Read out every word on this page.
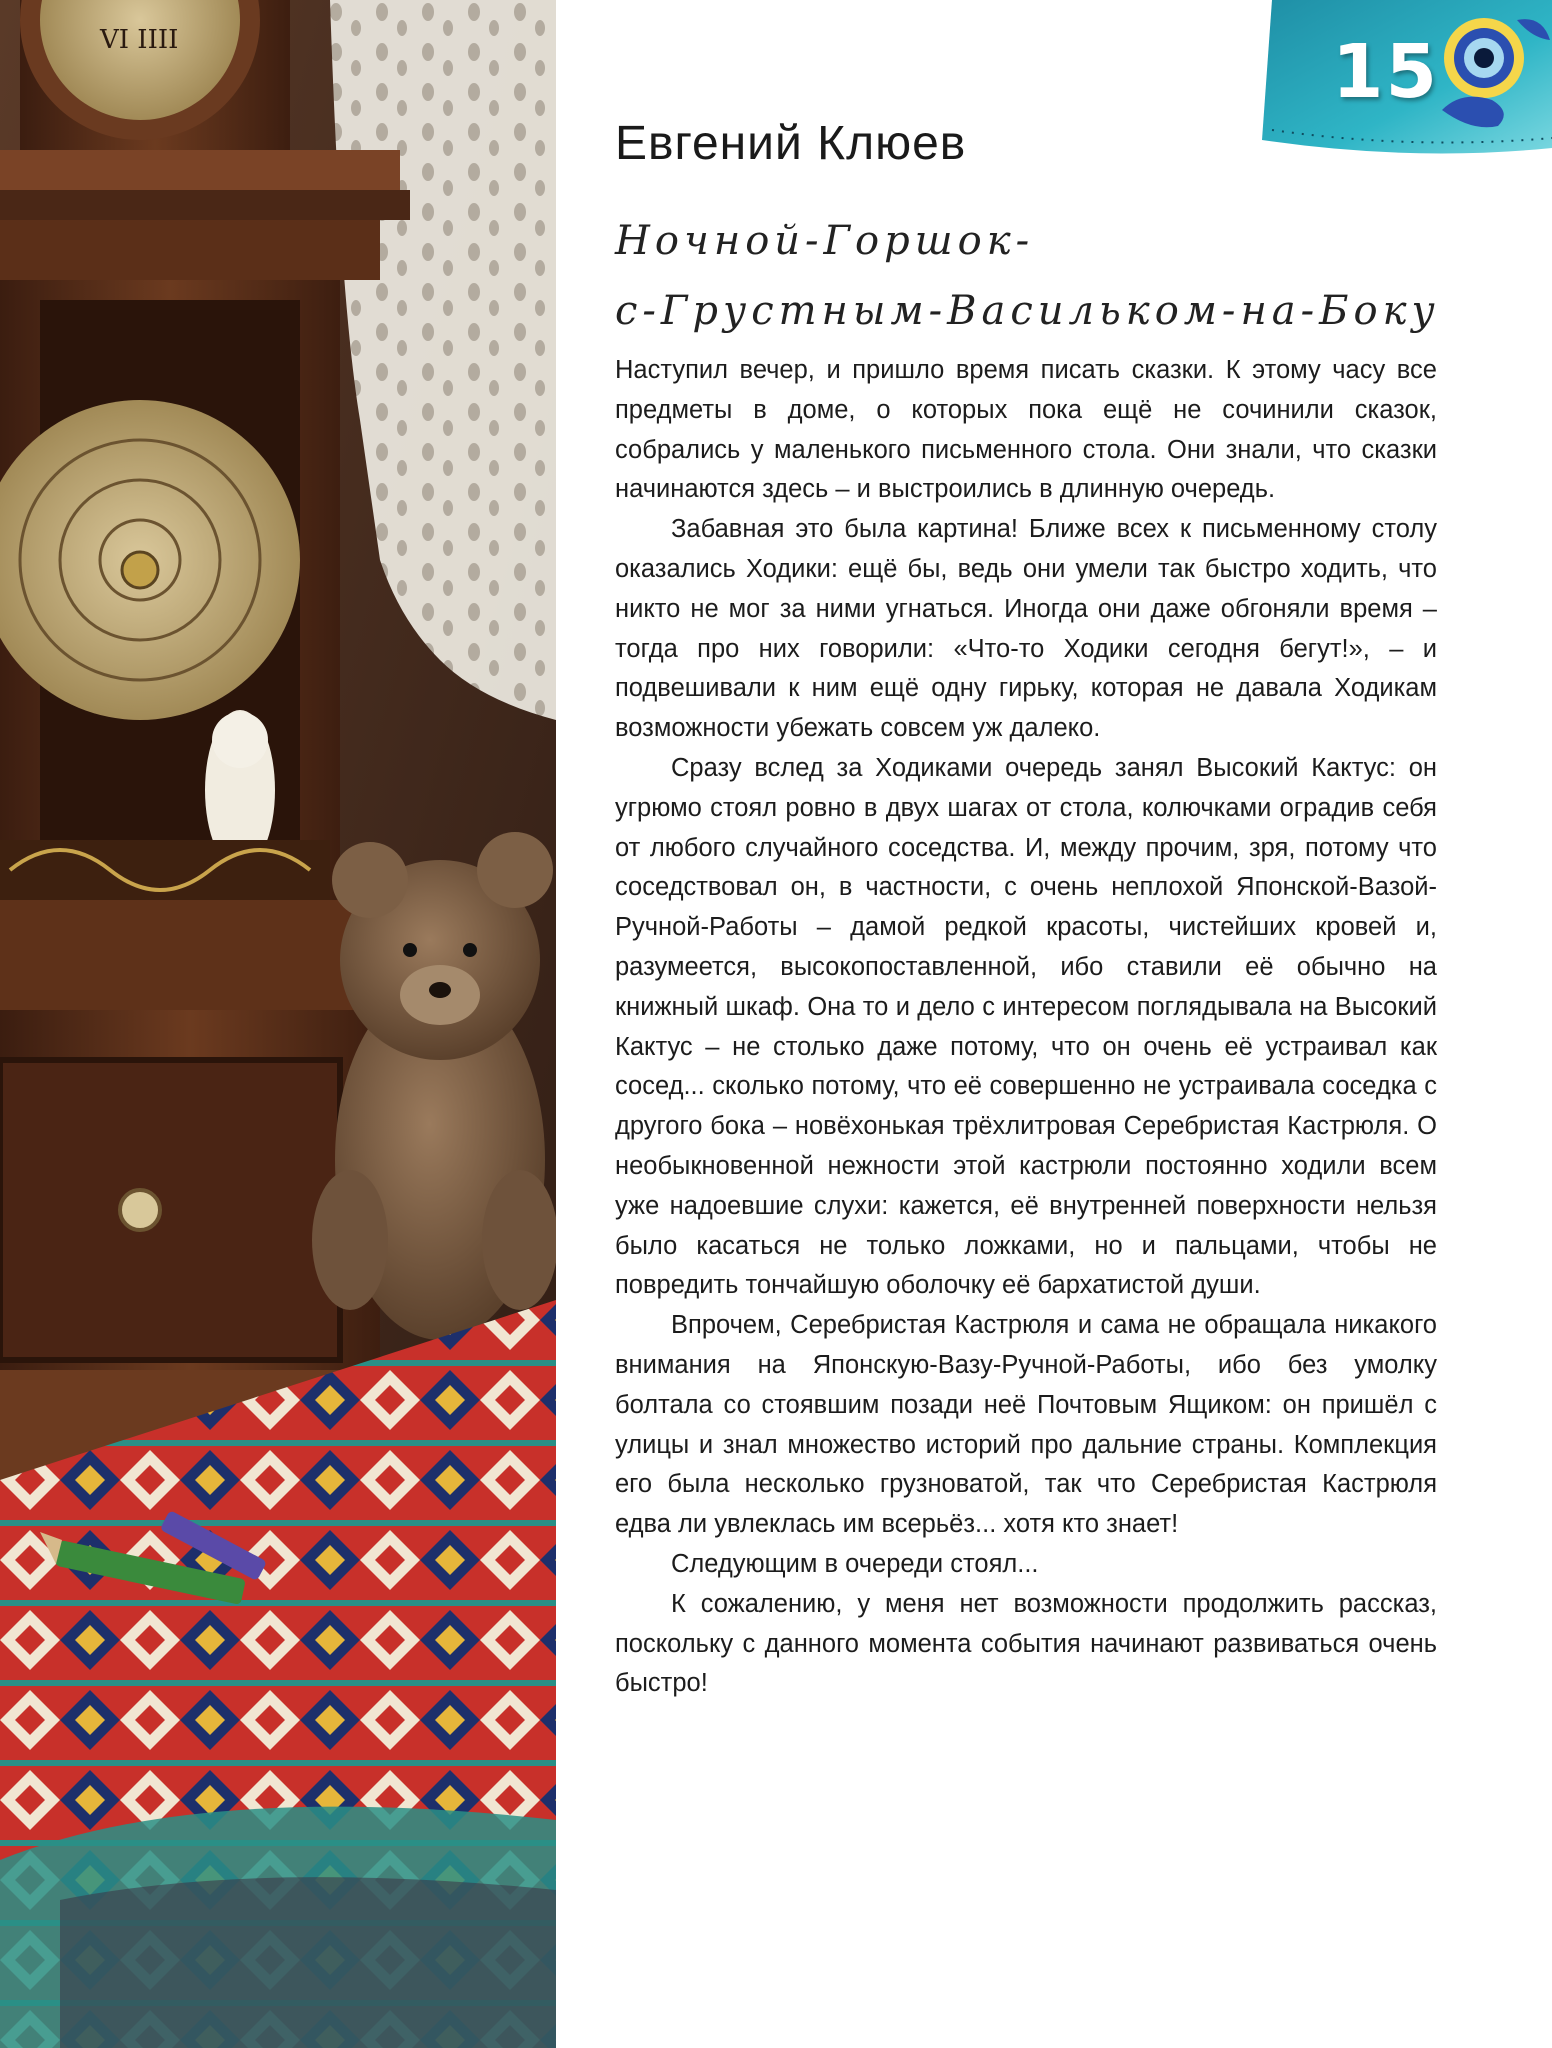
VI IIII	15
Евгений Клюев
Ночной-Горшок-
с-Грустным-Васильком-на-Боку

Наступил вечер, и пришло время писать сказки. К этому часу все предметы в доме, о которых пока ещё не сочинили сказок, собрались у маленького письменного стола. Они знали, что сказки начинаются здесь – и выстроились в длинную очередь.

Забавная это была картина! Ближе всех к письменному столу оказались Ходики: ещё бы, ведь они умели так быстро ходить, что никто не мог за ними угнаться. Иногда они даже обгоняли время – тогда про них говорили: «Что-то Ходики сегодня бегут!», – и подвешивали к ним ещё одну гирьку, которая не давала Ходикам возможности убежать совсем уж далеко.

Сразу вслед за Ходиками очередь занял Высокий Кактус: он угрюмо стоял ровно в двух шагах от стола, колючками оградив себя от любого случайного соседства. И, между прочим, зря, потому что соседствовал он, в частности, с очень неплохой Японской-Вазой-Ручной-Работы – дамой редкой красоты, чистейших кровей и, разумеется, высокопоставленной, ибо ставили её обычно на книжный шкаф. Она то и дело с интересом поглядывала на Высокий Кактус – не столько даже потому, что он очень её устраивал как сосед... сколько потому, что её совершенно не устраивала соседка с другого бока – новёхонькая трёхлитровая Серебристая Кастрюля. О необыкновенной нежности этой кастрюли постоянно ходили всем уже надоевшие слухи: кажется, её внутренней поверхности нельзя было касаться не только ложками, но и пальцами, чтобы не повредить тончайшую оболочку её бархатистой души.

Впрочем, Серебристая Кастрюля и сама не обращала никакого внимания на Японскую-Вазу-Ручной-Работы, ибо без умолку болтала со стоявшим позади неё Почтовым Ящиком: он пришёл с улицы и знал множество историй про дальние страны. Комплекция его была несколько грузноватой, так что Серебристая Кастрюля едва ли увлеклась им всерьёз... хотя кто знает!

Следующим в очереди стоял...

К сожалению, у меня нет возможности продолжить рассказ, поскольку с данного момента события начинают развиваться очень быстро!
